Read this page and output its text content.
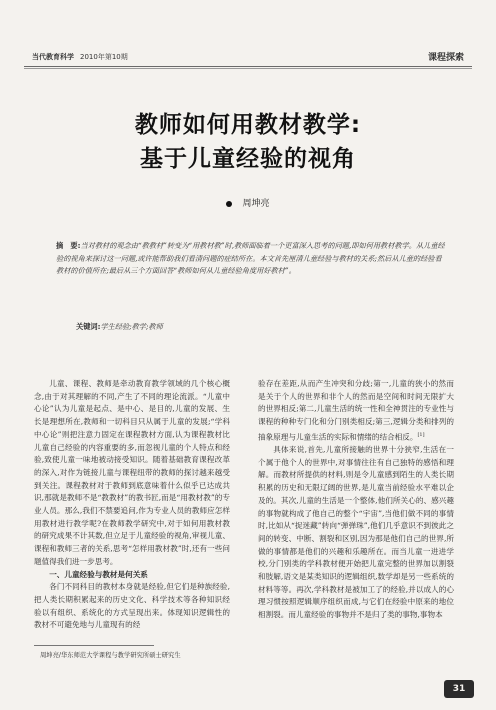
当代教育科学 2010年第10期	课程探索
教师如何用教材教学:
基于儿童经验的视角
周坤亮
摘　要:当对教材的观念由“教教材”转变为“用教材教”时,教师面临着一个更富深入思考的问题,即如何用教材教学。从儿童经验的视角来探讨这一问题,或许能帮助我们看清问题的症结所在。本文首先厘清儿童经验与教材的关系;然后从儿童的经验看教材的价值所在;最后从三个方面回答“教师如何从儿童经验角度用好教材”。
关键词:学生经验;教学;教师

儿童、课程、教师是牵动教育教学领域的几个核心概念,由于对其理解的不同,产生了不同的理论流派。“儿童中心论”认为儿童是起点、是中心、是目的,儿童的发展、生长是理想所在,教师和一切科目只从属于儿童的发展;“学科中心论”则把注意力固定在课程教材方面,认为课程教材比儿童自己经验的内容重要的多,而忽视儿童的个人特点和经验,致使儿童一味地被动接受知识。随着基础教育课程改革的深入,对作为链接儿童与课程纽带的教师的探讨越来越受到关注。课程教材对于教师到底意味着什么似乎已达成共识,那就是教师不是“教教材”的教书匠,而是“用教材教”的专业人员。那么,我们不禁要追问,作为专业人员的教师应怎样用教材进行教学呢?在教师教学研究中,对于如何用教材教的研究成果不计其数,但立足于儿童经验的视角,审视儿童、课程和教师三者的关系,思考“怎样用教材教”时,还有一些问题值得我们进一步思考。

一、儿童经验与教材是何关系

各门不同科目的教材本身就是经验,但它们是种族经验,把人类长期积累起来的历史文化、科学技术等各种知识经验以有组织、系统化的方式呈现出来。体现知识逻辑性的教材不可避免地与儿童现有的经

验存在差距,从而产生冲突和分歧;第一,儿童的狭小的然而是关于个人的世界和非个人的然而是空间和时间无限扩大的世界相反;第二,儿童生活的统一性和全神贯注的专业性与课程的种种专门化和分门别类相反;第三,逻辑分类和排列的抽象原理与儿童生活的实际和情绪的结合相反。[1]

具体来说,首先,儿童所接触的世界十分狭窄,生活在一个属于他个人的世界中,对事情往往有自己独特的感悟和理解。而教材所提供的材料,则是令儿童感到陌生的人类长期积累的历史和无限辽阔的世界,是儿童当前经验水平难以企及的。其次,儿童的生活是一个整体,他们所关心的、感兴趣的事物就构成了他自己的整个“宇宙”,当他们做不同的事情时,比如从“捉迷藏”转向“弹弹珠”,他们几乎意识不到彼此之间的转变、中断、割裂和区别,因为那是他们自己的世界,所做的事情都是他们的兴趣和乐趣所在。而当儿童一进进学校,分门别类的学科教材便开始把儿童完整的世界加以割裂和肢解,语文是某类知识的逻辑组织,数学却是另一些系统的材料等等。再次,学科教材是被加工了的经验,并以成人的心理习惯按照逻辑顺序组织而成,与它们在经验中原来的地位相割裂。而儿童经验的事物并不是归了类的事物,事物本

周坤亮/华东师范大学课程与教学研究所硕士研究生
31
